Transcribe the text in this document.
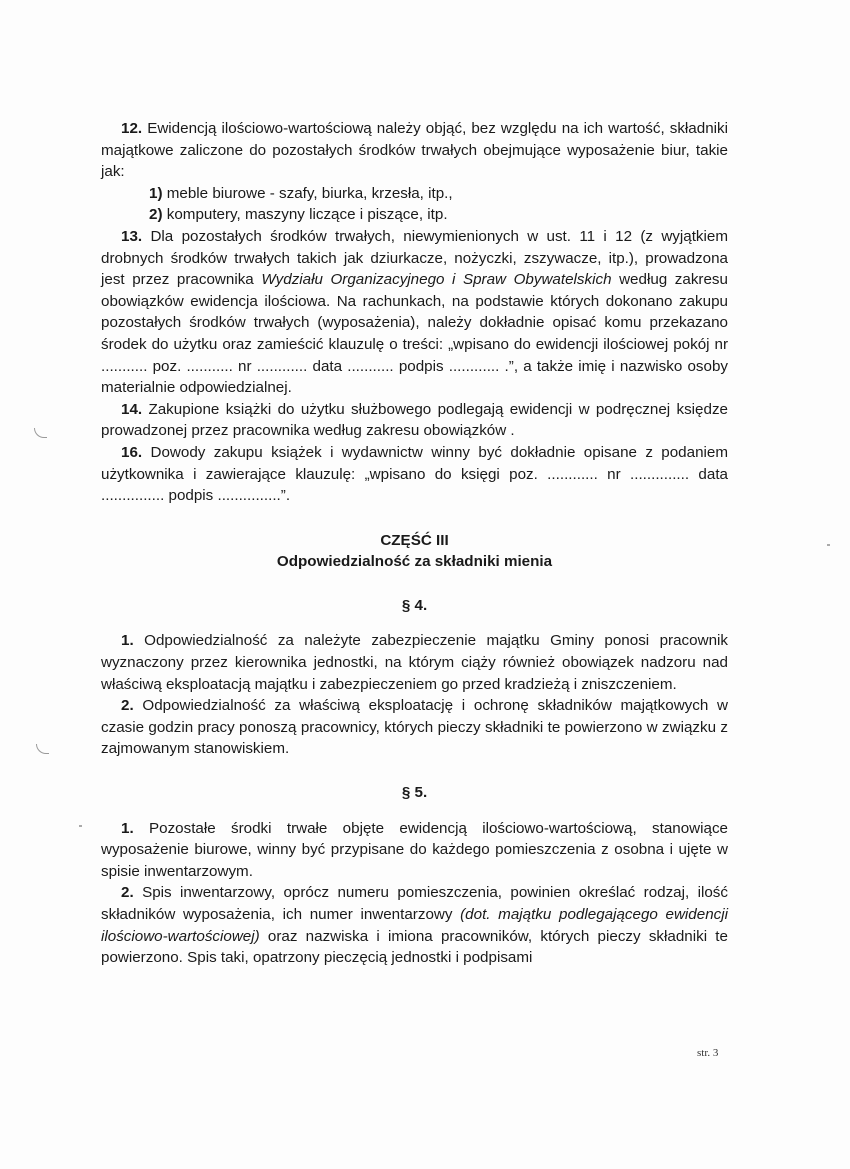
12. Ewidencją ilościowo-wartościową należy objąć, bez względu na ich wartość, składniki majątkowe zaliczone do pozostałych środków trwałych obejmujące wyposażenie biur, takie jak:

1) meble biurowe - szafy, biurka, krzesła, itp.,

2) komputery, maszyny liczące i piszące, itp.

13. Dla pozostałych środków trwałych, niewymienionych w ust. 11 i 12 (z wyjątkiem drobnych środków trwałych takich jak dziurkacze, nożyczki, zszywacze, itp.), prowadzona jest przez pracownika Wydziału Organizacyjnego i Spraw Obywatelskich według zakresu obowiązków ewidencja ilościowa. Na rachunkach, na podstawie których dokonano zakupu pozostałych środków trwałych (wyposażenia), należy dokładnie opisać komu przekazano środek do użytku oraz zamieścić klauzulę o treści: „wpisano do ewidencji ilościowej pokój nr ........... poz. ........... nr ............ data ........... podpis ............ .”, a także imię i nazwisko osoby materialnie odpowiedzialnej.

14. Zakupione książki do użytku służbowego podlegają ewidencji w podręcznej księdze prowadzonej przez pracownika według zakresu obowiązków .

16. Dowody zakupu książek i wydawnictw winny być dokładnie opisane z podaniem użytkownika i zawierające klauzulę: „wpisano do księgi poz. ............ nr .............. data ............... podpis ...............”.

CZĘŚĆ III

Odpowiedzialność za składniki mienia

§ 4.

1. Odpowiedzialność za należyte zabezpieczenie majątku Gminy ponosi pracownik wyznaczony przez kierownika jednostki, na którym ciąży również obowiązek nadzoru nad właściwą eksploatacją majątku i zabezpieczeniem go przed kradzieżą i zniszczeniem.

2. Odpowiedzialność za właściwą eksploatację i ochronę składników majątkowych w czasie godzin pracy ponoszą pracownicy, których pieczy składniki te powierzono w związku z zajmowanym stanowiskiem.

§ 5.

1. Pozostałe środki trwałe objęte ewidencją ilościowo-wartościową, stanowiące wyposażenie biurowe, winny być przypisane do każdego pomieszczenia z osobna i ujęte w spisie inwentarzowym.

2. Spis inwentarzowy, oprócz numeru pomieszczenia, powinien określać rodzaj, ilość składników wyposażenia, ich numer inwentarzowy (dot. majątku podlegającego ewidencji ilościowo-wartościowej) oraz nazwiska i imiona pracowników, których pieczy składniki te powierzono. Spis taki, opatrzony pieczęcią jednostki i podpisami

str. 3
